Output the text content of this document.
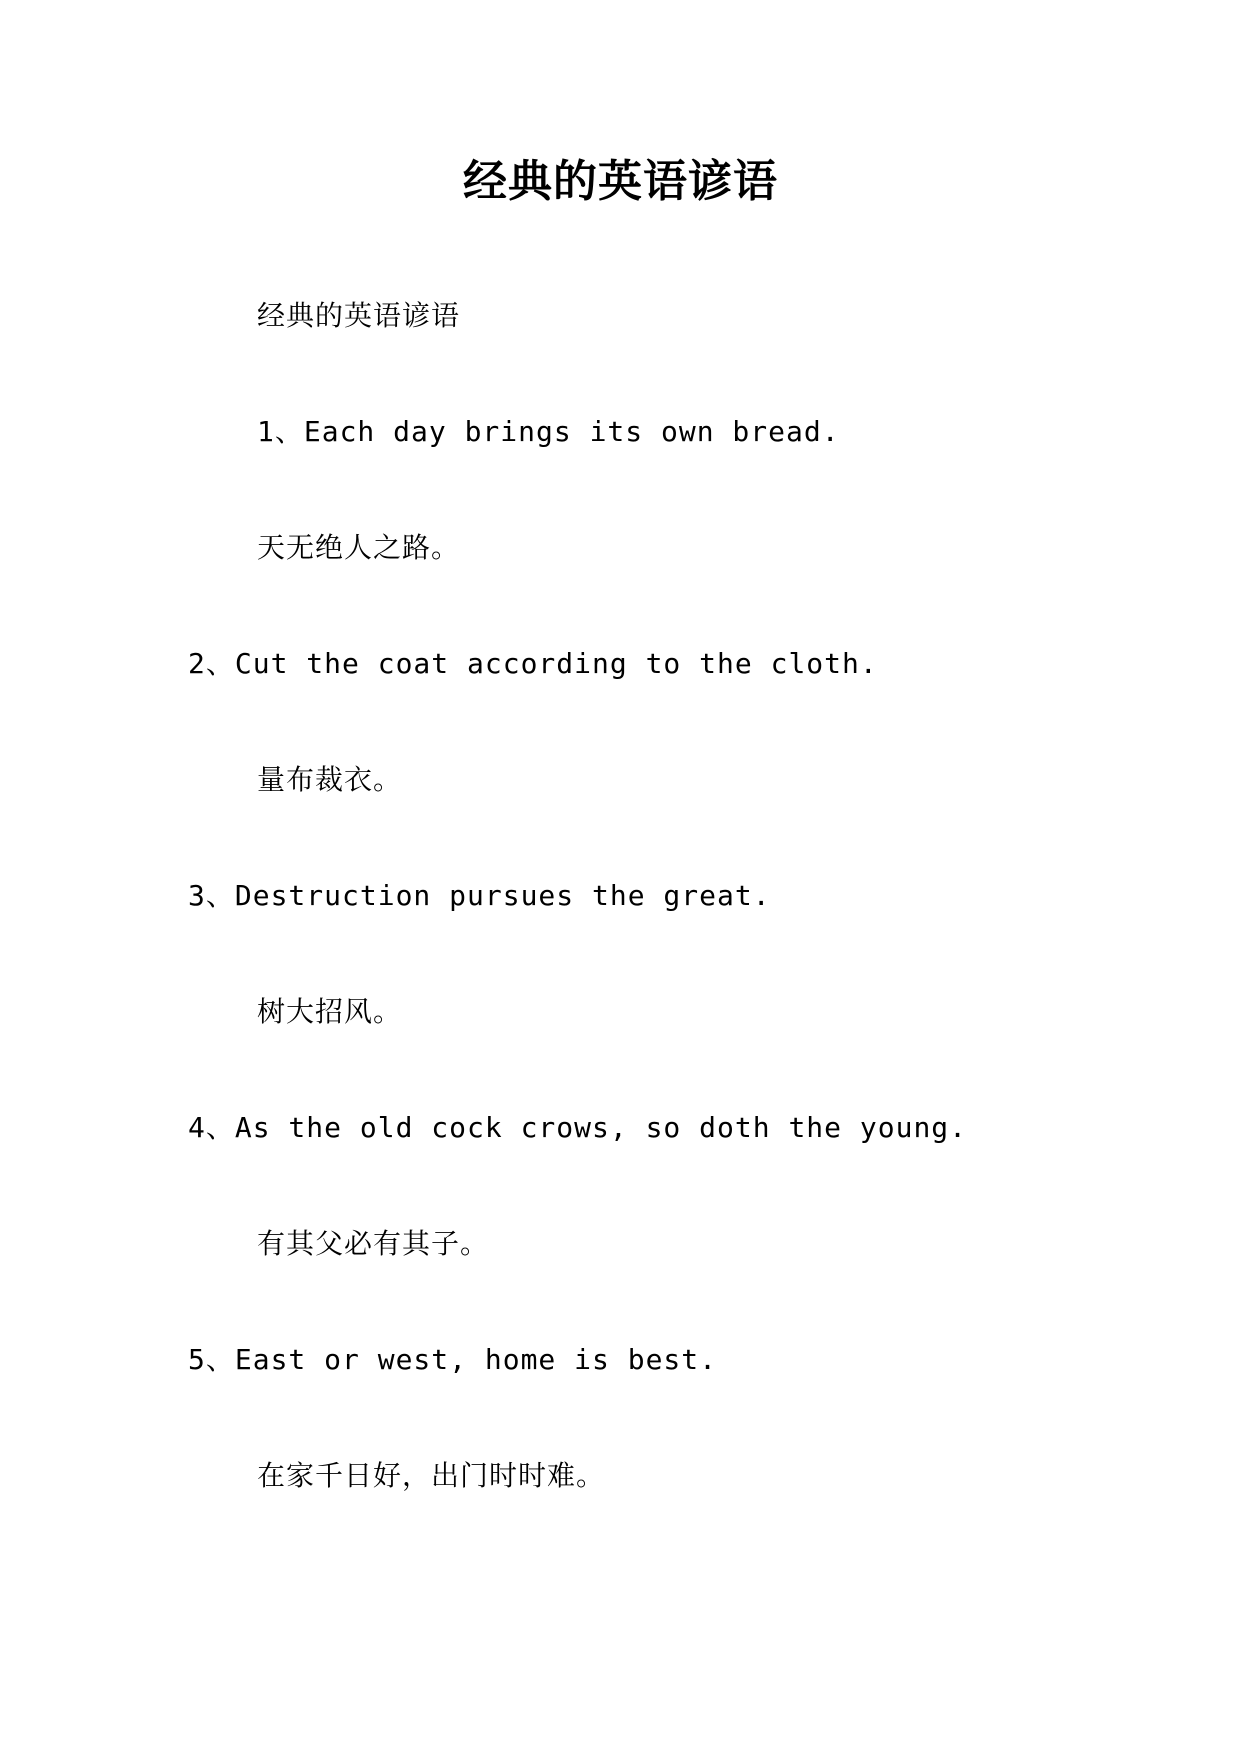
经典的英语谚语
经典的英语谚语
1、Each day brings its own bread.
天无绝人之路。
2、Cut the coat according to the cloth.
量布裁衣。
3、Destruction pursues the great.
树大招风。
4、As the old cock crows, so doth the young.
有其父必有其子。
5、East or west, home is best.
在家千日好，出门时时难。
